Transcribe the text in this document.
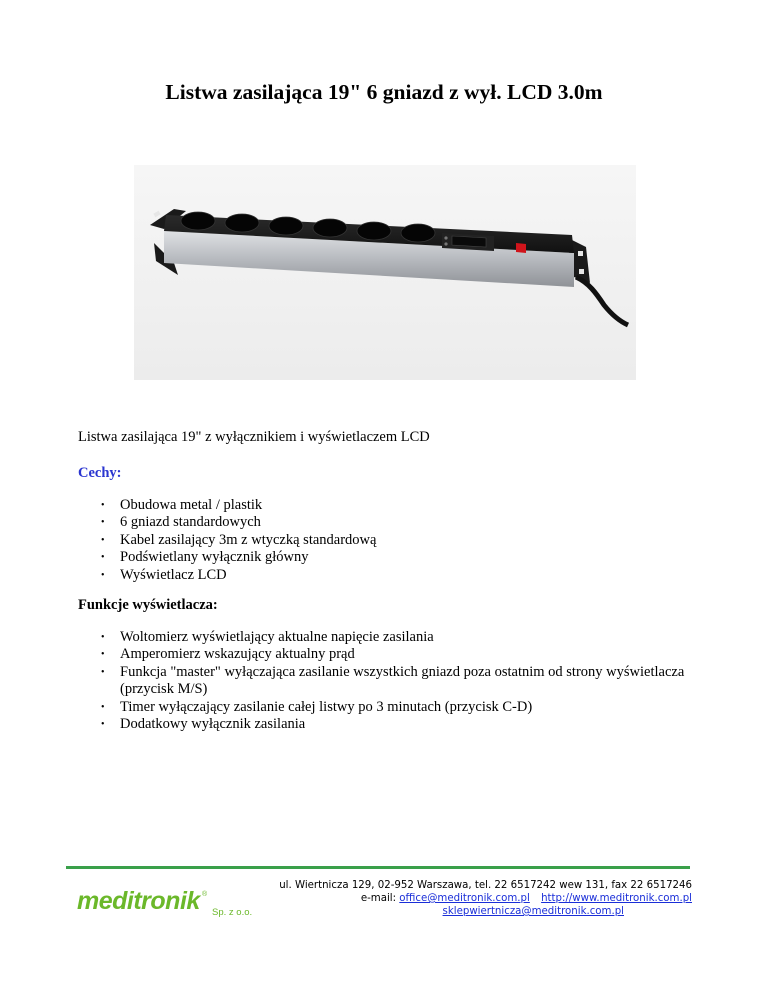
Listwa zasilająca 19" 6 gniazd z wył. LCD 3.0m

Listwa zasilająca 19" z wyłącznikiem i wyświetlaczem LCD

Cechy:

• Obudowa metal / plastik
• 6 gniazd standardowych
• Kabel zasilający 3m z wtyczką standardową
• Podświetlany wyłącznik główny
• Wyświetlacz LCD

Funkcje wyświetlacza:

• Woltomierz wyświetlający aktualne napięcie zasilania
• Amperomierz wskazujący aktualny prąd
• Funkcja "master" wyłączająca zasilanie wszystkich gniazd poza ostatnim od strony wyświetlacza
(przycisk M/S)
• Timer wyłączający zasilanie całej listwy po 3 minutach (przycisk C-D)
• Dodatkowy wyłącznik zasilania
meditronik ®
Sp. z o.o.
ul. Wiertnicza 129, 02-952 Warszawa, tel. 22 6517242 wew 131, fax 22 6517246
e-mail: office@meditronik.com.pl http://www.meditronik.com.pl
sklepwiertnicza@meditronik.com.pl
